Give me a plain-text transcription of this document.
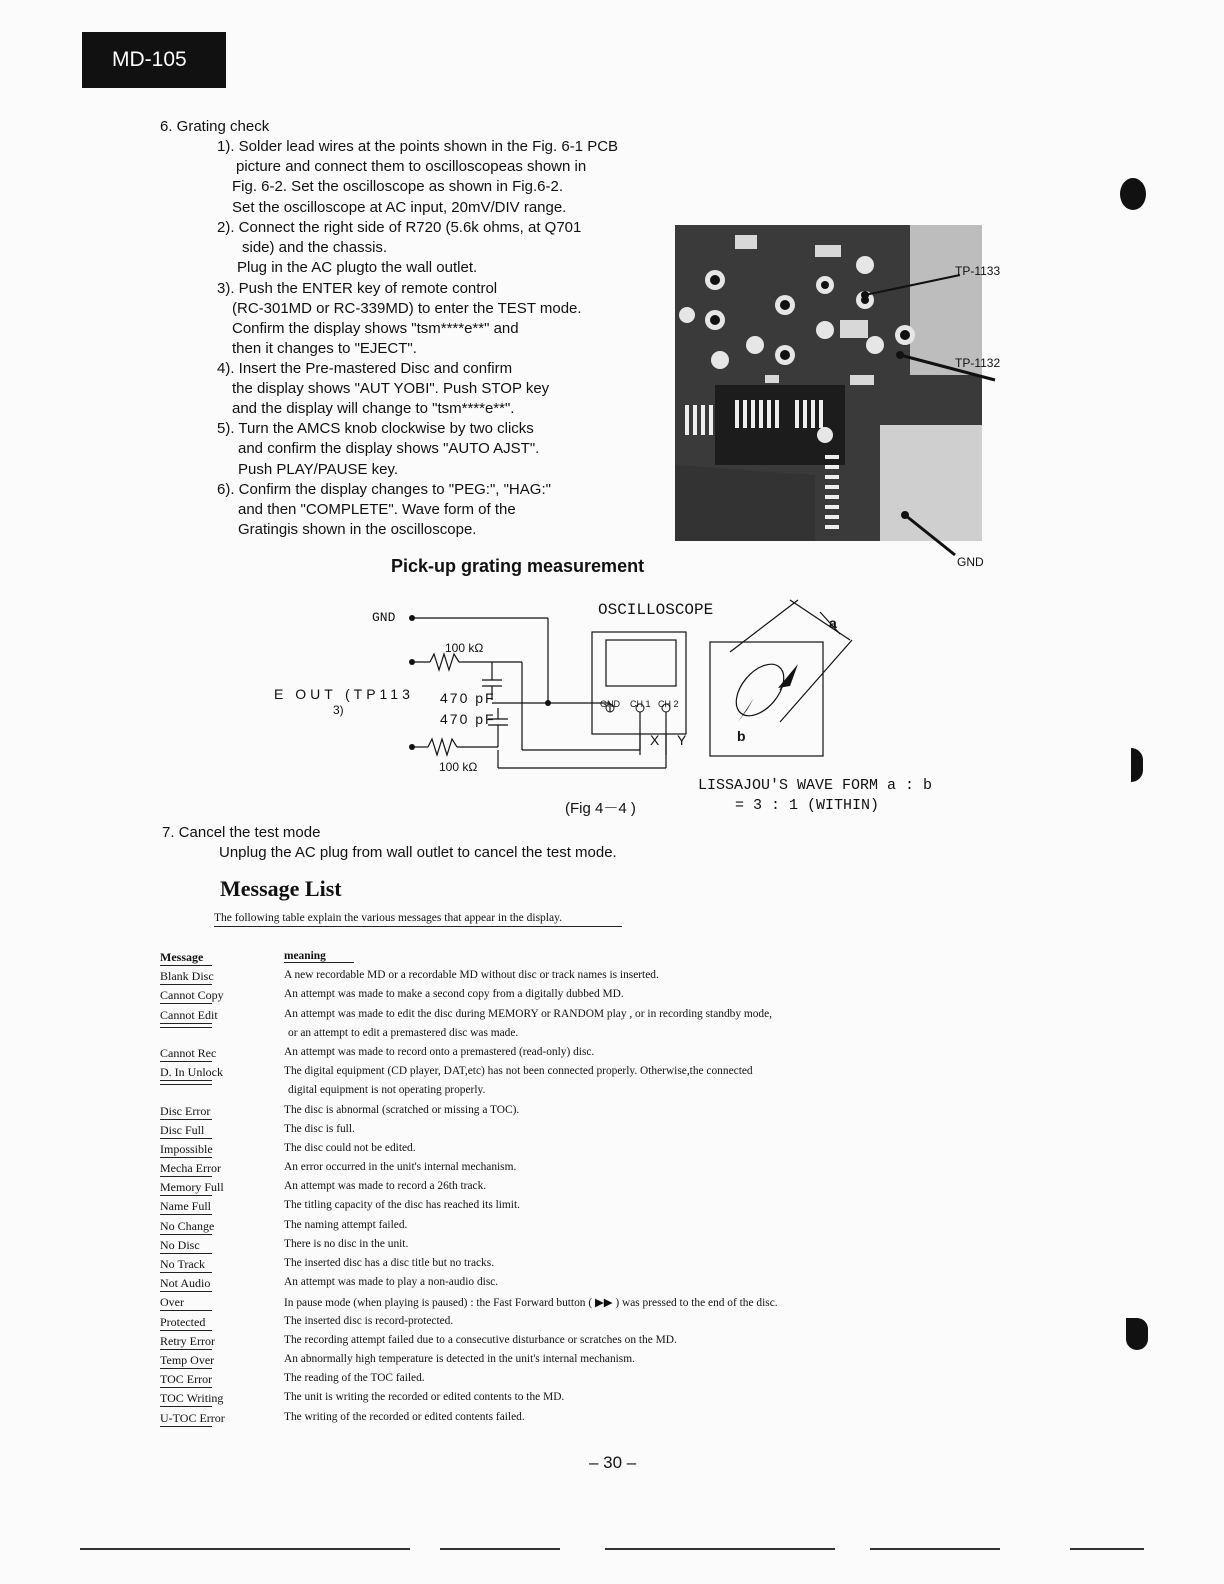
MD-105
6. Grating check
1). Solder lead wires at the points shown in the Fig. 6-1 PCB
picture and connect them to oscilloscopeas shown in
Fig. 6-2. Set the oscilloscope as shown in Fig.6-2.
Set the oscilloscope at AC input, 20mV/DIV range.
2). Connect the right side of R720 (5.6k ohms, at Q701
side) and the chassis.
Plug in the AC plugto the wall outlet.
3). Push the ENTER key of remote control
(RC-301MD or RC-339MD) to enter the TEST mode.
Confirm the display shows "tsm****e**" and
then it changes to "EJECT".
4). Insert the Pre-mastered Disc and confirm
the display shows "AUT YOBI". Push STOP key
and the display will change to "tsm****e**".
5). Turn the AMCS knob clockwise by two clicks
and confirm the display shows "AUTO AJST".
Push PLAY/PAUSE key.
6). Confirm the display changes to "PEG:", "HAG:"
and then "COMPLETE". Wave form of the
Gratingis shown in the oscilloscope.
TP-1133
TP-1132
GND
Pick-up grating measurement
GND	OSCILLOSCOPE
100 kΩ
E OUT (TP113
3)
470 pF
470 pF
100 kΩ
GND CH 1 CH 2
X Y
a
b
(Fig 4－4 )
LISSAJOU'S WAVE FORM a : b
= 3 : 1 (WITHIN)
7. Cancel the test mode
Unplug the AC plug from wall outlet to cancel the test mode.
Message List
The following table explain the various messages that appear in the display.
Message	meaning
Blank Disc	A new recordable MD or a recordable MD without disc or track names is inserted.
Cannot Copy	An attempt was made to make a second copy from a digitally dubbed MD.
Cannot Edit	An attempt was made to edit the disc during MEMORY or RANDOM play , or in recording standby mode,
or an attempt to edit a premastered disc was made.
Cannot Rec	An attempt was made to record onto a premastered (read-only) disc.
D. In Unlock	The digital equipment (CD player, DAT,etc) has not been connected properly. Otherwise,the connected
digital equipment is not operating properly.
Disc Error	The disc is abnormal (scratched or missing a TOC).
Disc Full	The disc is full.
Impossible	The disc could not be edited.
Mecha Error	An error occurred in the unit's internal mechanism.
Memory Full	An attempt was made to record a 26th track.
Name Full	The titling capacity of the disc has reached its limit.
No Change	The naming attempt failed.
No Disc	There is no disc in the unit.
No Track	The inserted disc has a disc title but no tracks.
Not Audio	An attempt was made to play a non-audio disc.
Over	In pause mode (when playing is paused) : the Fast Forward button ( ▶▶ ) was pressed to the end of the disc.
Protected	The inserted disc is record-protected.
Retry Error	The recording attempt failed due to a consecutive disturbance or scratches on the MD.
Temp Over	An abnormally high temperature is detected in the unit's internal mechanism.
TOC Error	The reading of the TOC failed.
TOC Writing	The unit is writing the recorded or edited contents to the MD.
U-TOC Error	The writing of the recorded or edited contents failed.
– 30 –
